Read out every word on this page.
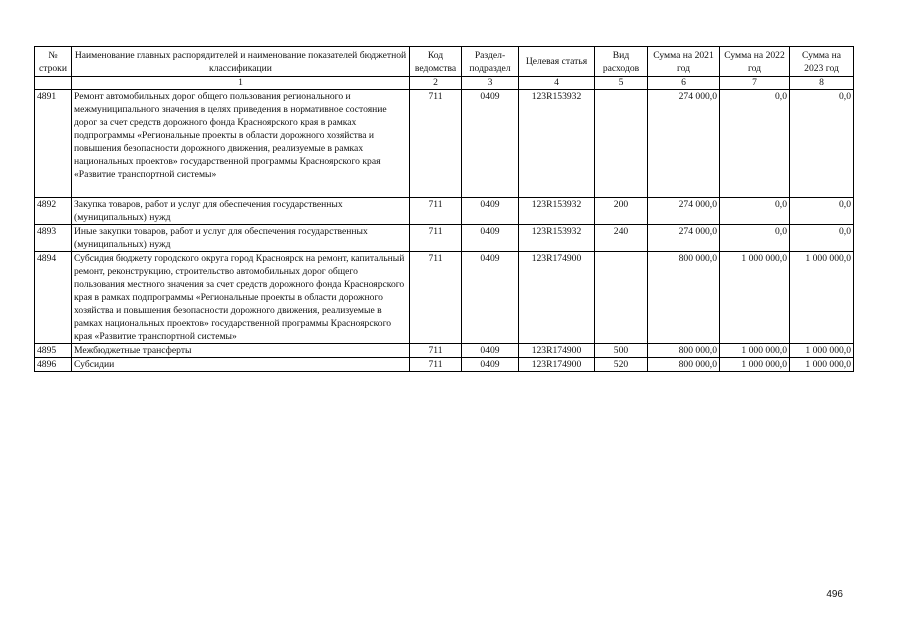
№ строки	Наименование главных распорядителей и наименование показателей бюджетной классификации	Код ведомства	Раздел-подраздел	Целевая статья	Вид расходов	Сумма на 2021 год	Сумма на 2022 год	Сумма на 2023 год
	1	2	3	4	5	6	7	8
4891	Ремонт автомобильных дорог общего пользования регионального и межмуниципального значения в целях приведения в нормативное состояние дорог за счет средств дорожного фонда Красноярского края в рамках подпрограммы «Региональные проекты в области дорожного хозяйства и повышения безопасности дорожного движения, реализуемые в рамках национальных проектов» государственной программы Красноярского края «Развитие транспортной системы»	711	0409	123R153932		274 000,0	0,0	0,0
4892	Закупка товаров, работ и услуг для обеспечения государственных (муниципальных) нужд	711	0409	123R153932	200	274 000,0	0,0	0,0
4893	Иные закупки товаров, работ и услуг для обеспечения государственных (муниципальных) нужд	711	0409	123R153932	240	274 000,0	0,0	0,0
4894	Субсидия бюджету городского округа город Красноярск на ремонт, капитальный ремонт, реконструкцию, строительство автомобильных дорог общего пользования местного значения за счет средств дорожного фонда Красноярского края в рамках подпрограммы «Региональные проекты в области дорожного хозяйства и повышения безопасности дорожного движения, реализуемые в рамках национальных проектов» государственной программы Красноярского края «Развитие транспортной системы»	711	0409	123R174900		800 000,0	1 000 000,0	1 000 000,0
4895	Межбюджетные трансферты	711	0409	123R174900	500	800 000,0	1 000 000,0	1 000 000,0
4896	Субсидии	711	0409	123R174900	520	800 000,0	1 000 000,0	1 000 000,0
496
